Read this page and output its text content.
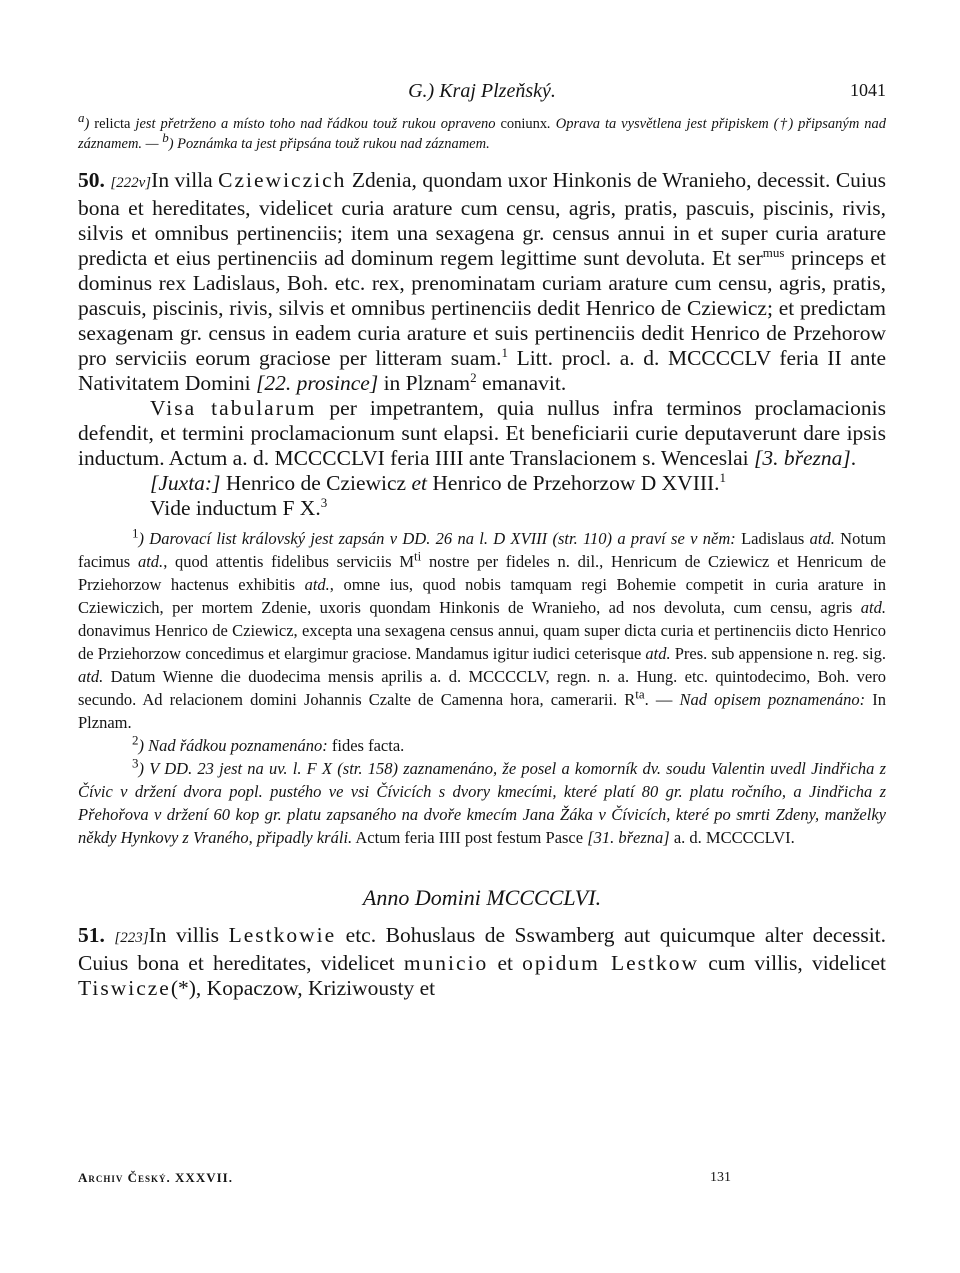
G.) Kraj Plzeňský.	1041
a) relicta jest přetrženo a místo toho nad řádkou touž rukou opraveno coniunx. Oprava ta vysvětlena jest připiskem (†) připsaným nad záznamem. — b) Poznámka ta jest připsána touž rukou nad záznamem.

50. [222v]In villa Cziewiczich Zdenia, quondam uxor Hinkonis de Wranieho, decessit. Cuius bona et hereditates, videlicet curia arature cum censu, agris, pratis, pascuis, piscinis, rivis, silvis et omnibus pertinenciis; item una sexagena gr. census annui in et super curia arature predicta et eius pertinenciis ad dominum regem legittime sunt devoluta. Et ser$^{mus}$ princeps et dominus rex Ladislaus, Boh. etc. rex, prenominatam curiam arature cum censu, agris, pratis, pascuis, piscinis, rivis, silvis et omnibus pertinenciis dedit Henrico de Cziewicz; et predictam sexagenam gr. census in eadem curia arature et suis pertinenciis dedit Henrico de Przehorow pro serviciis eorum graciose per litteram suam.$^1$ Litt. procl. a. d. MCCCCLV feria II ante Nativitatem Domini [22. prosince] in Plznam$^2$ emanavit.

Visa tabularum per impetrantem, quia nullus infra terminos proclamacionis defendit, et termini proclamacionum sunt elapsi. Et beneficiarii curie deputaverunt dare ipsis inductum. Actum a. d. MCCCCLVI feria IIII ante Translacionem s. Wenceslai [3. března].

[Juxta:] Henrico de Cziewicz et Henrico de Przehorzow D XVIII.$^1$

Vide inductum F X.$^3$

$^1$) Darovací list královský jest zapsán v DD. 26 na l. D XVIII (str. 110) a praví se v něm: Ladislaus atd. Notum facimus atd., quod attentis fidelibus serviciis $M^{ti}$ nostre per fideles n. dil., Henricum de Cziewicz et Henricum de Prziehorzow hactenus exhibitis atd., omne ius, quod nobis tamquam regi Bohemie competit in curia arature in Cziewiczich, per mortem Zdenie, uxoris quondam Hinkonis de Wranieho, ad nos devoluta, cum censu, agris atd. donavimus Henrico de Cziewicz, excepta una sexagena census annui, quam super dicta curia et pertinenciis dicto Henrico de Prziehorzow concedimus et elargimur graciose. Mandamus igitur iudici ceterisque atd. Pres. sub appensione n. reg. sig. atd. Datum Wienne die duodecima mensis aprilis a. d. MCCCCLV, regn. n. a. Hung. etc. quintodecimo, Boh. vero secundo. Ad relacionem domini Johannis Czalte de Camenna hora, camerarii. $R^{ta}$. — Nad opisem poznamenáno: In Plznam.

$^2$) Nad řádkou poznamenáno: fides facta.

$^3$) V DD. 23 jest na uv. l. F X (str. 158) zaznamenáno, že posel a komorník dv. soudu Valentin uvedl Jindřicha z Čívic v držení dvora popl. pustého ve vsi Čívicích s dvory kmecími, které platí 80 gr. platu ročního, a Jindřicha z Přehořova v držení 60 kop gr. platu zapsaného na dvoře kmecím Jana Žáka v Čívicích, které po smrti Zdeny, manželky někdy Hynkovy z Vraného, připadly králi. Actum feria IIII post festum Pasce [31. března] a. d. MCCCCLVI.

Anno Domini MCCCCLVI.

51. [223]In villis Lestkowie etc. Bohuslaus de Sswamberg aut quicumque alter decessit. Cuius bona et hereditates, videlicet municio et opidum Lestkow cum villis, videlicet Tiswicze(*), Kopaczow, Kriziwousty et

Archiv Český. XXXVII.	131
